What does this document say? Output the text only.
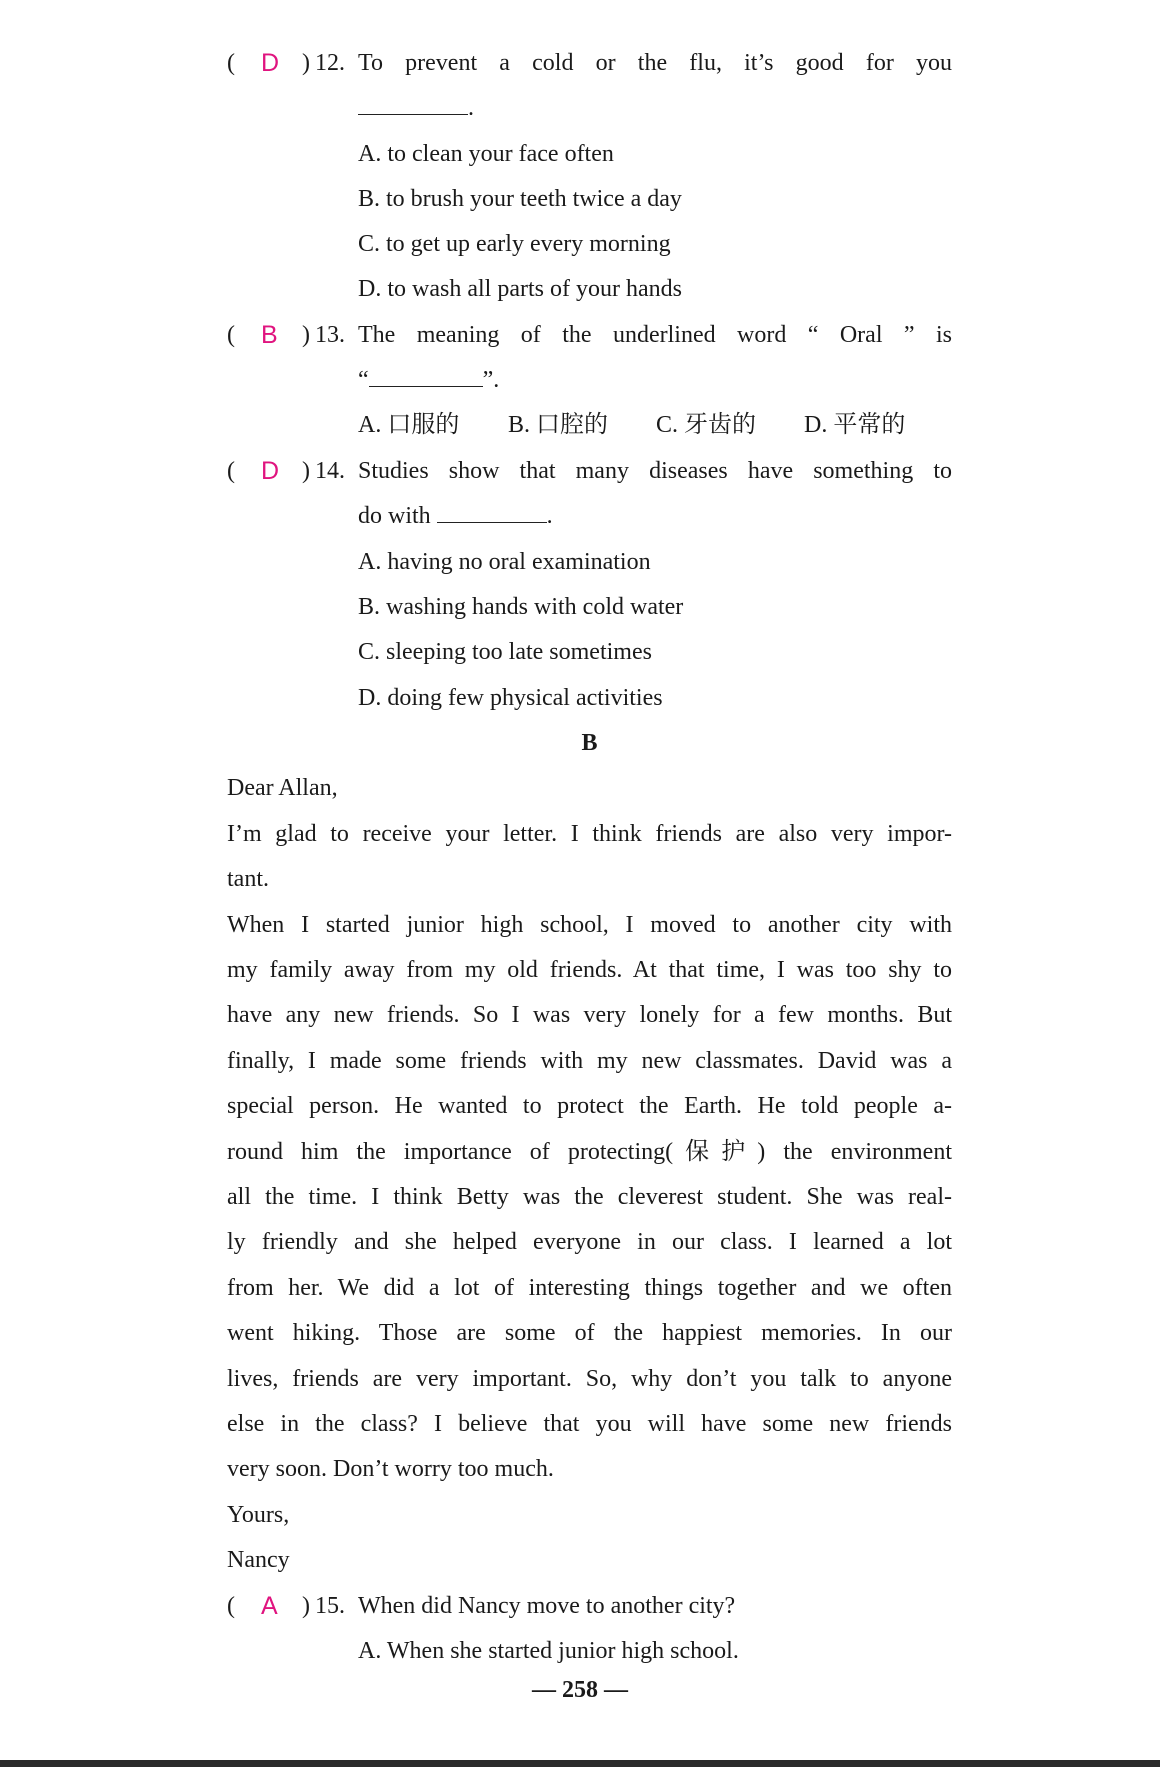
( D ) 12. To prevent a cold or the flu, it’s good for you
.
A. to clean your face often
B. to brush your teeth twice a day
C. to get up early every morning
D. to wash all parts of your hands
( B ) 13. The meaning of the underlined word “ Oral ” is
“	”.
A. 口服的 B. 口腔的 C. 牙齿的 D. 平常的
( D ) 14. Studies show that many diseases have something to
do with	.
A. having no oral examination
B. washing hands with cold water
C. sleeping too late sometimes
D. doing few physical activities
B
Dear Allan,
I’m glad to receive your letter. I think friends are also very impor-
tant.
When I started junior high school, I moved to another city with
my family away from my old friends. At that time, I was too shy to
have any new friends. So I was very lonely for a few months. But
finally, I made some friends with my new classmates. David was a
special person. He wanted to protect the Earth. He told people a-
round him the importance of protecting(保护) the environment
all the time. I think Betty was the cleverest student. She was real-
ly friendly and she helped everyone in our class. I learned a lot
from her. We did a lot of interesting things together and we often
went hiking. Those are some of the happiest memories. In our
lives, friends are very important. So, why don’t you talk to anyone
else in the class? I believe that you will have some new friends
very soon. Don’t worry too much.
Yours,
Nancy
( A ) 15. When did Nancy move to another city?
A. When she started junior high school.
— 258 —
